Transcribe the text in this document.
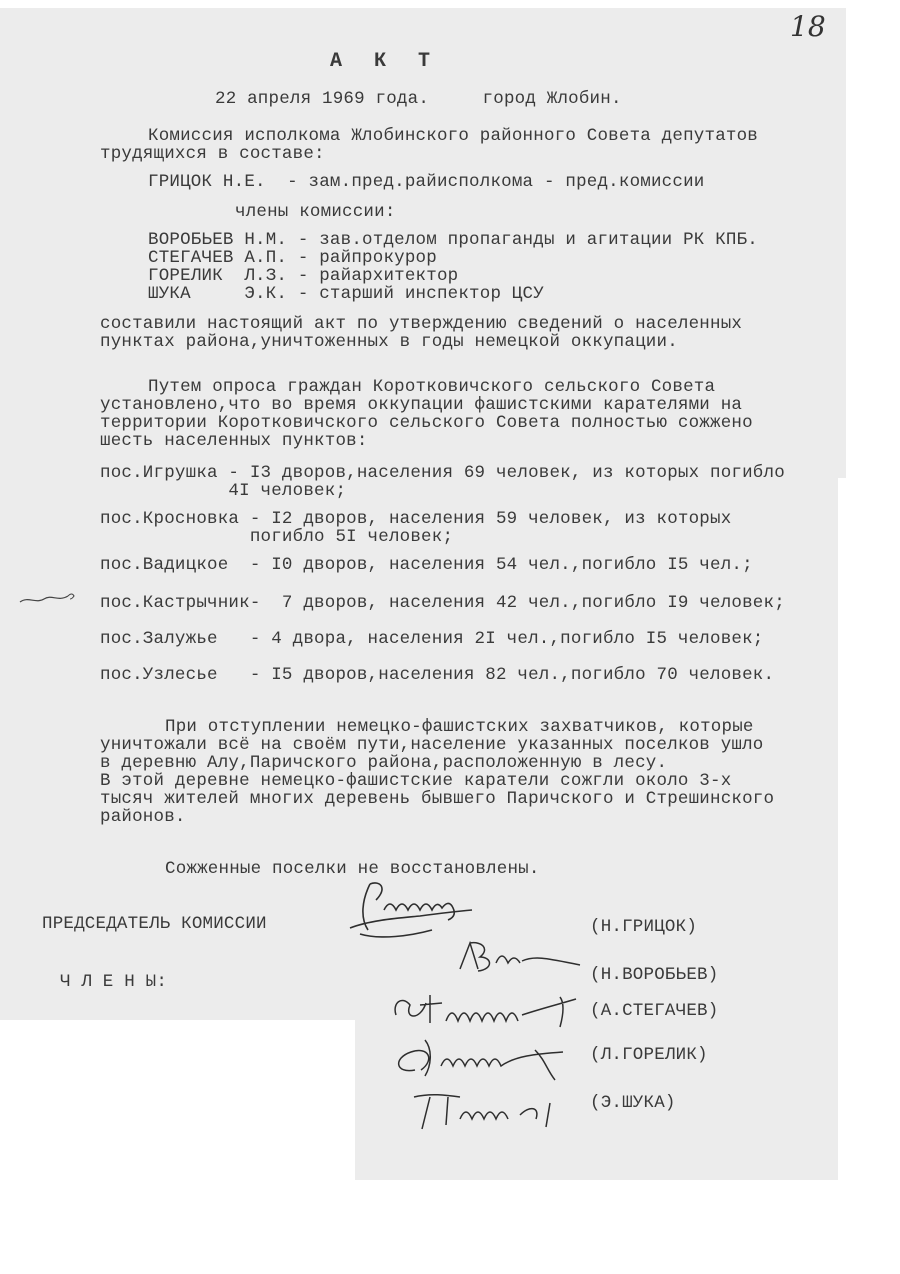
18
А К Т
22 апреля 1969 года.     город Жлобин.
Комиссия исполкома Жлобинского районного Совета депутатов
трудящихся в составе:
ГРИЦОК Н.Е.  - зам.пред.райисполкома - пред.комиссии
члены комиссии:
ВОРОБЬЕВ Н.М. - зав.отделом пропаганды и агитации РК КПБ.
СТЕГАЧЕВ А.П. - райпрокурор
ГОРЕЛИК  Л.З. - райархитектор
ШУКА     Э.К. - старший инспектор ЦСУ
составили настоящий акт по утверждению сведений о населенных
пунктах района,уничтоженных в годы немецкой оккупации.
Путем опроса граждан Коротковичского сельского Совета
установлено,что во время оккупации фашистскими карателями на
территории Коротковичского сельского Совета полностью сожжено
шесть населенных пунктов:
пос.Игрушка - I3 дворов,населения 69 человек, из которых погибло
4I человек;
пос.Кросновка - I2 дворов, населения 59 человек, из которых
погибло 5I человек;
пос.Вадицкое  - I0 дворов, населения 54 чел.,погибло I5 чел.;
пос.Кастрычник-  7 дворов, населения 42 чел.,погибло I9 человек;
пос.Залужье   - 4 двора, населения 2I чел.,погибло I5 человек;
пос.Узлесье   - I5 дворов,населения 82 чел.,погибло 70 человек.
При отступлении немецко-фашистских захватчиков, которые
уничтожали всё на своём пути,население указанных поселков ушло
в деревню Алу,Паричского района,расположенную в лесу.
В этой деревне немецко-фашистские каратели сожгли около 3-х
тысяч жителей многих деревень бывшего Паричского и Стрешинского
районов.
Сожженные поселки не восстановлены.
ПРЕДСЕДАТЕЛЬ КОМИССИИ
Ч Л Е Н Ы:
(Н.ГРИЦОК)
(Н.ВОРОБЬЕВ)
(А.СТЕГАЧЕВ)
(Л.ГОРЕЛИК)
(Э.ШУКА)
